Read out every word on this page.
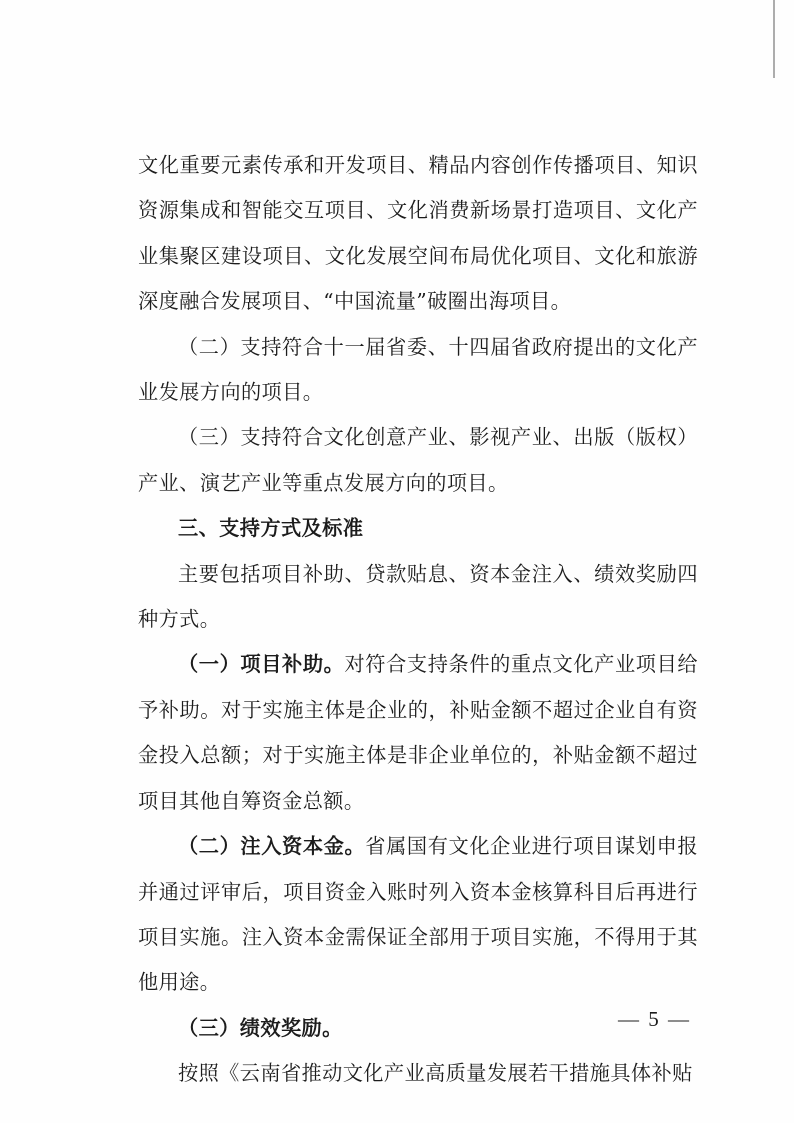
文化重要元素传承和开发项目、精品内容创作传播项目、知识资源集成和智能交互项目、文化消费新场景打造项目、文化产业集聚区建设项目、文化发展空间布局优化项目、文化和旅游深度融合发展项目、“中国流量”破圈出海项目。

（二）支持符合十一届省委、十四届省政府提出的文化产业发展方向的项目。

（三）支持符合文化创意产业、影视产业、出版（版权）产业、演艺产业等重点发展方向的项目。

三、支持方式及标准

主要包括项目补助、贷款贴息、资本金注入、绩效奖励四种方式。

（一）项目补助。对符合支持条件的重点文化产业项目给予补助。对于实施主体是企业的，补贴金额不超过企业自有资金投入总额；对于实施主体是非企业单位的，补贴金额不超过项目其他自筹资金总额。

（二）注入资本金。省属国有文化企业进行项目谋划申报并通过评审后，项目资金入账时列入资本金核算科目后再进行项目实施。注入资本金需保证全部用于项目实施，不得用于其他用途。

（三）绩效奖励。

按照《云南省推动文化产业高质量发展若干措施具体补贴

— 5 —
